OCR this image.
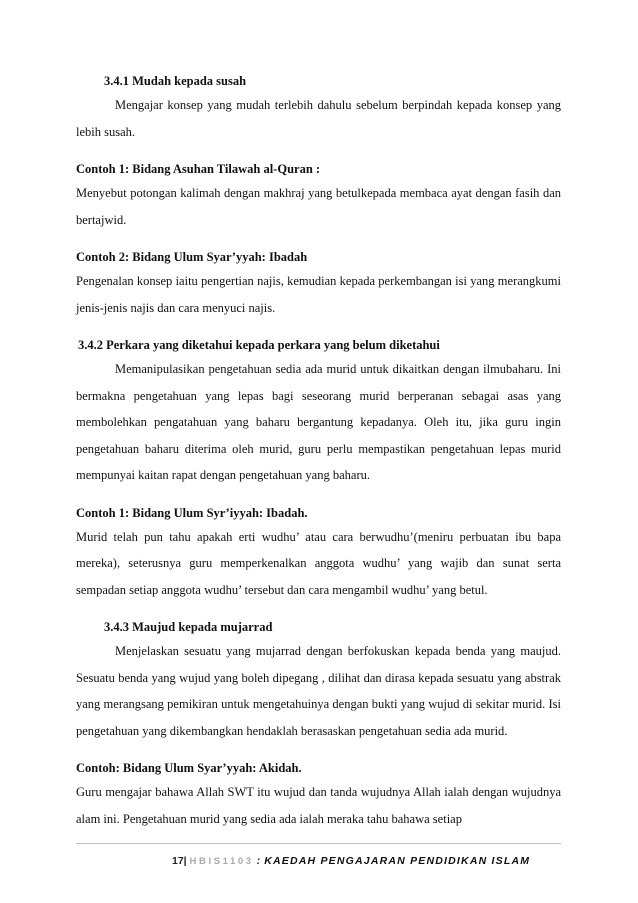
3.4.1 Mudah kepada susah

Mengajar konsep yang mudah terlebih dahulu sebelum berpindah kepada konsep yang lebih susah.

Contoh 1: Bidang Asuhan Tilawah al-Quran :

Menyebut potongan kalimah dengan makhraj yang betulkepada membaca ayat dengan fasih dan bertajwid.

Contoh 2: Bidang Ulum Syar’yyah: Ibadah

Pengenalan konsep iaitu pengertian najis, kemudian kepada perkembangan isi yang merangkumi jenis-jenis najis dan cara menyuci najis.

3.4.2 Perkara yang diketahui kepada perkara yang belum diketahui

Memanipulasikan pengetahuan sedia ada murid untuk dikaitkan dengan ilmubaharu. Ini bermakna pengetahuan yang lepas bagi seseorang murid berperanan sebagai asas yang membolehkan pengatahuan yang baharu bergantung kepadanya. Oleh itu, jika guru ingin pengetahuan baharu diterima oleh murid, guru perlu mempastikan pengetahuan lepas murid mempunyai kaitan rapat dengan pengetahuan yang baharu.

Contoh 1: Bidang Ulum Syr’iyyah: Ibadah.

Murid telah pun tahu apakah erti wudhu’ atau cara berwudhu’(meniru perbuatan ibu bapa mereka), seterusnya guru memperkenalkan anggota wudhu’ yang wajib dan sunat serta sempadan setiap anggota wudhu’ tersebut dan cara mengambil wudhu’ yang betul.

3.4.3 Maujud kepada mujarrad

Menjelaskan sesuatu yang mujarrad dengan berfokuskan kepada benda yang maujud. Sesuatu benda yang wujud yang boleh dipegang , dilihat dan dirasa kepada sesuatu yang abstrak yang merangsang pemikiran untuk mengetahuinya dengan bukti yang wujud di sekitar murid. Isi pengetahuan yang dikembangkan hendaklah berasaskan pengetahuan sedia ada murid.

Contoh: Bidang Ulum Syar’yyah: Akidah.

Guru mengajar bahawa Allah SWT itu wujud dan tanda wujudnya Allah ialah dengan wujudnya alam ini. Pengetahuan murid yang sedia ada ialah meraka tahu bahawa setiap

17| HBIS1103 : KAEDAH PENGAJARAN PENDIDIKAN ISLAM
